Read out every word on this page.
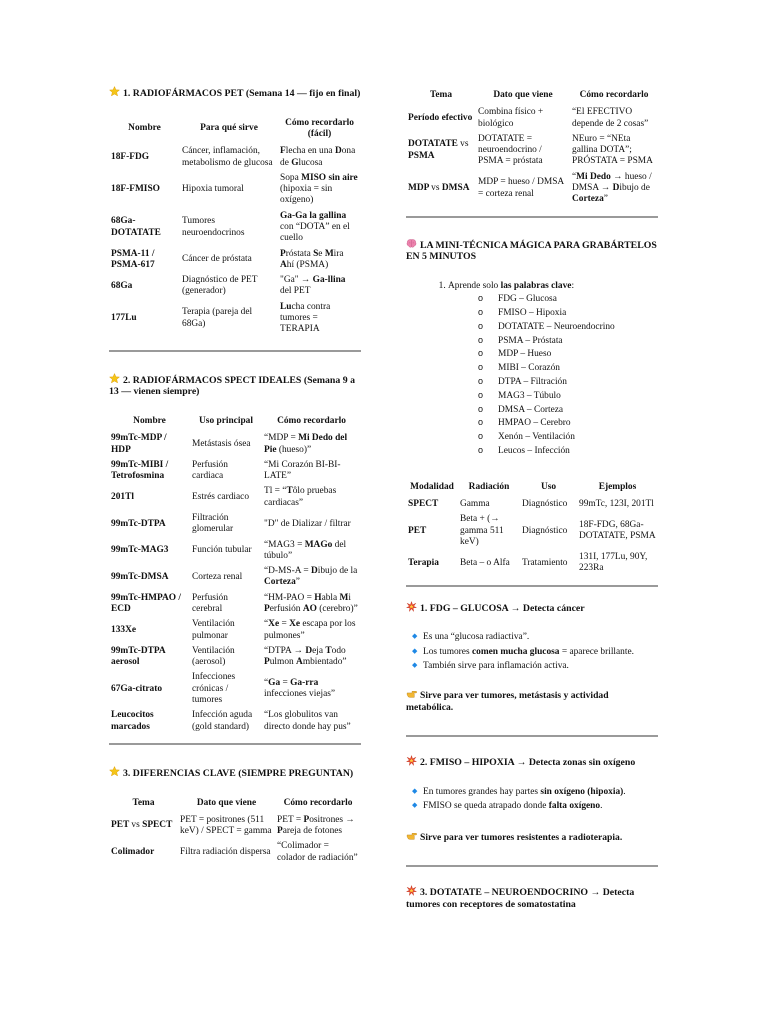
1. RADIOFÁRMACOS PET (Semana 14 — fijo en final)
Nombre	Para qué sirve	Cómo recordarlo (fácil)
18F-FDG	Cáncer, inflamación, metabolismo de glucosa	Flecha en una Dona de Glucosa
18F-FMISO	Hipoxia tumoral	Sopa MISO sin aire (hipoxia = sin oxígeno)
68Ga-DOTATATE	Tumores neuroendocrinos	Ga-Ga la gallina con “DOTA” en el cuello
PSMA-11 / PSMA-617	Cáncer de próstata	Próstata Se Mira Ahí (PSMA)
68Ga	Diagnóstico de PET (generador)	"Ga" → Ga-llina del PET
177Lu	Terapia (pareja del 68Ga)	Lucha contra tumores = TERAPIA
2. RADIOFÁRMACOS SPECT IDEALES (Semana 9 a 13 — vienen siempre)
Nombre	Uso principal	Cómo recordarlo
99mTc-MDP / HDP	Metástasis ósea	“MDP = Mi Dedo del Pie (hueso)”
99mTc-MIBI / Tetrofosmina	Perfusión cardiaca	“Mi Corazón BI-BI-LATE”
201Tl	Estrés cardiaco	Tl = “Tôlo pruebas cardiacas”
99mTc-DTPA	Filtración glomerular	"D" de Dializar / filtrar
99mTc-MAG3	Función tubular	“MAG3 = MAGo del túbulo”
99mTc-DMSA	Corteza renal	“D-MS-A = Dibujo de la Corteza”
99mTc-HMPAO / ECD	Perfusión cerebral	“HM-PAO = Habla Mi Perfusión AO (cerebro)”
133Xe	Ventilación pulmonar	“Xe = Xe escapa por los pulmones”
99mTc-DTPA aerosol	Ventilación (aerosol)	“DTPA → Deja Todo Pulmon Ambientado”
67Ga-citrato	Infecciones crónicas / tumores	“Ga = Ga-rra infecciones viejas”
Leucocitos marcados	Infección aguda (gold standard)	“Los globulitos van directo donde hay pus”
3. DIFERENCIAS CLAVE (SIEMPRE PREGUNTAN)
Tema	Dato que viene	Cómo recordarlo
PET vs SPECT	PET = positrones (511 keV) / SPECT = gamma	PET = Positrones → Pareja de fotones
Colimador	Filtra radiación dispersa	“Colimador = colador de radiación”
Tema	Dato que viene	Cómo recordarlo
Período efectivo	Combina físico + biológico	“El EFECTIVO depende de 2 cosas”
DOTATATE vs PSMA	DOTATATE = neuroendocrino / PSMA = próstata	NEuro = “NEta gallina DOTA”; PRÓSTATA = PSMA
MDP vs DMSA	MDP = hueso / DMSA = corteza renal	“Mi Dedo → hueso / DMSA → Dibujo de Corteza”
LA MINI-TÉCNICA MÁGICA PARA GRABÁRTELOS EN 5 MINUTOS
1. Aprende solo las palabras clave:
o FDG – Glucosa
o FMISO – Hipoxia
o DOTATATE – Neuroendocrino
o PSMA – Próstata
o MDP – Hueso
o MIBI – Corazón
o DTPA – Filtración
o MAG3 – Túbulo
o DMSA – Corteza
o HMPAO – Cerebro
o Xenón – Ventilación
o Leucos – Infección
Modalidad	Radiación	Uso	Ejemplos
SPECT	Gamma	Diagnóstico	99mTc, 123I, 201Tl
PET	Beta + (→ gamma 511 keV)	Diagnóstico	18F-FDG, 68Ga-DOTATATE, PSMA
Terapia	Beta – o Alfa	Tratamiento	131I, 177Lu, 90Y, 223Ra
1. FDG – GLUCOSA → Detecta cáncer
◆ Es una “glucosa radiactiva”.
◆ Los tumores comen mucha glucosa = aparece brillante.
◆ También sirve para inflamación activa.
Sirve para ver tumores, metástasis y actividad metabólica.
2. FMISO – HIPOXIA → Detecta zonas sin oxígeno
◆ En tumores grandes hay partes sin oxígeno (hipoxia).
◆ FMISO se queda atrapado donde falta oxígeno.
Sirve para ver tumores resistentes a radioterapia.
3. DOTATATE – NEUROENDOCRINO → Detecta tumores con receptores de somatostatina
